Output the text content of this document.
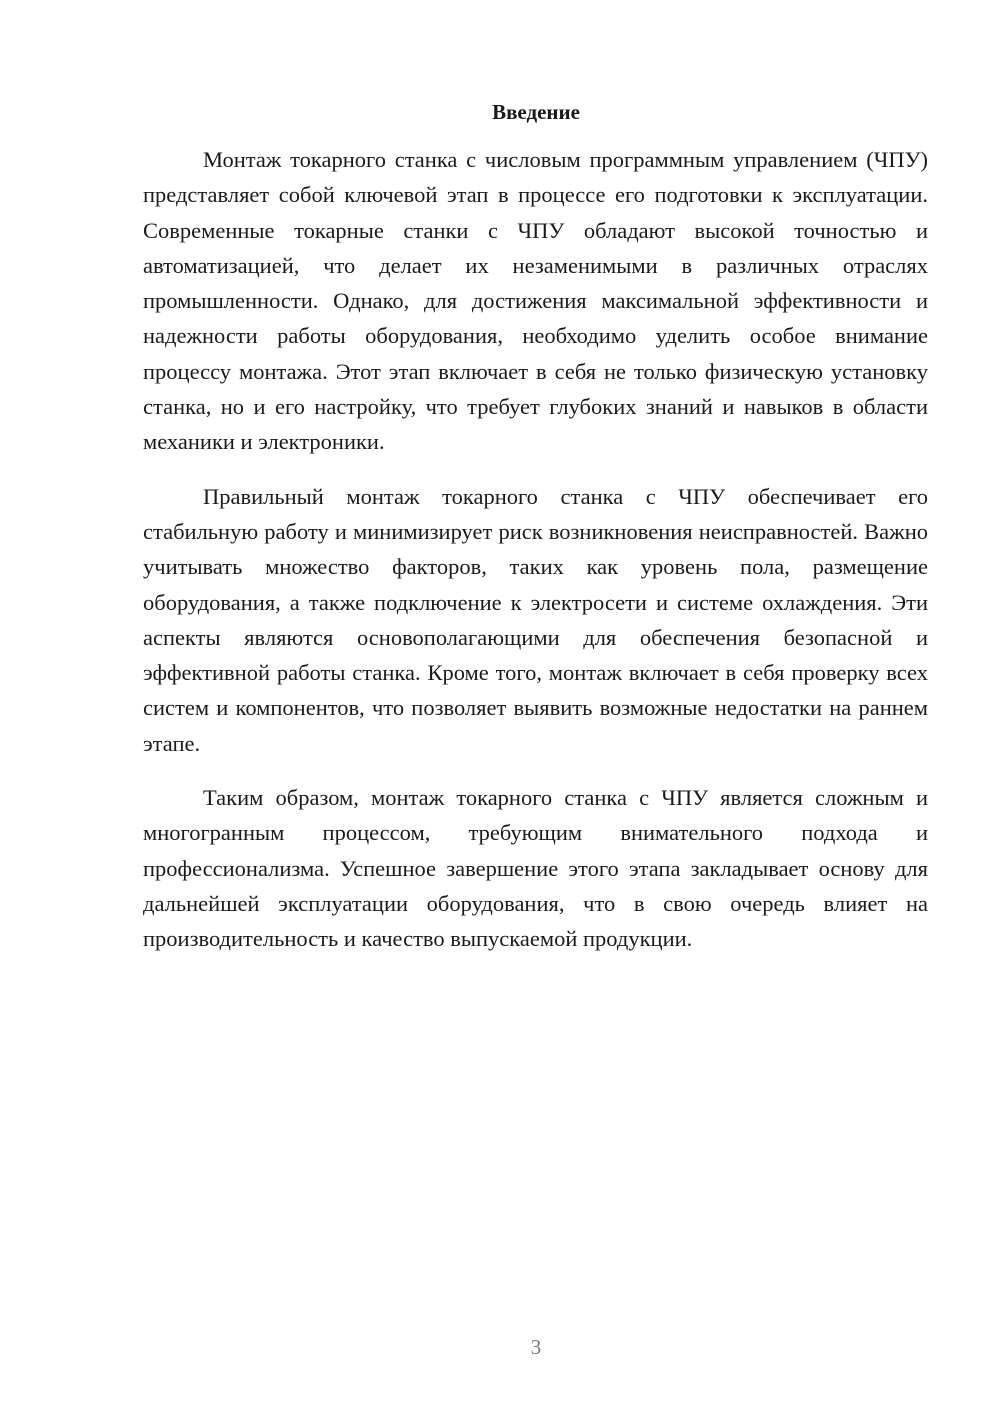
Введение

Монтаж токарного станка с числовым программным управлением (ЧПУ) представляет собой ключевой этап в процессе его подготовки к эксплуатации. Современные токарные станки с ЧПУ обладают высокой точностью и автоматизацией, что делает их незаменимыми в различных отраслях промышленности. Однако, для достижения максимальной эффективности и надежности работы оборудования, необходимо уделить особое внимание процессу монтажа. Этот этап включает в себя не только физическую установку станка, но и его настройку, что требует глубоких знаний и навыков в области механики и электроники.

Правильный монтаж токарного станка с ЧПУ обеспечивает его стабильную работу и минимизирует риск возникновения неисправностей. Важно учитывать множество факторов, таких как уровень пола, размещение оборудования, а также подключение к электросети и системе охлаждения. Эти аспекты являются основополагающими для обеспечения безопасной и эффективной работы станка. Кроме того, монтаж включает в себя проверку всех систем и компонентов, что позволяет выявить возможные недостатки на раннем этапе.

Таким образом, монтаж токарного станка с ЧПУ является сложным и многогранным процессом, требующим внимательного подхода и профессионализма. Успешное завершение этого этапа закладывает основу для дальнейшей эксплуатации оборудования, что в свою очередь влияет на производительность и качество выпускаемой продукции.

3
